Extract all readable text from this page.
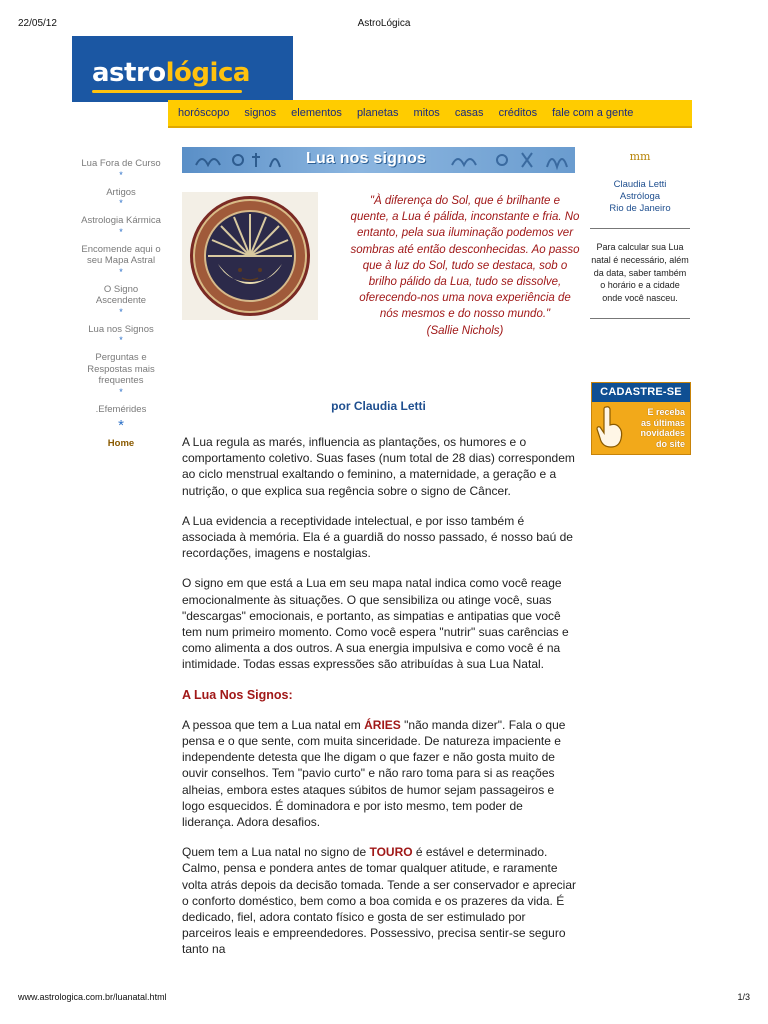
22/05/12	AstroLógica
astrológica
horóscopo signos elementos planetas mitos casas créditos fale com a gente
Lua Fora de Curso
*
Artigos
*
Astrologia Kármica
*
Encomende aqui o seu Mapa Astral
*
O Signo Ascendente
*
Lua nos Signos
*
Perguntas e Respostas mais frequentes
*
.Efemérides
*
Home
Lua nos signos
"À diferença do Sol, que é brilhante e quente, a Lua é pálida, inconstante e fria. No entanto, pela sua iluminação podemos ver sombras até então desconhecidas. Ao passo que à luz do Sol, tudo se destaca, sob o brilho pálido da Lua, tudo se dissolve, oferecendo-nos uma nova experiência de nós mesmos e do nosso mundo."
(Sallie Nichols)
por Claudia Letti

A Lua regula as marés, influencia as plantações, os humores e o comportamento coletivo. Suas fases (num total de 28 dias) correspondem ao ciclo menstrual exaltando o feminino, a maternidade, a geração e a nutrição, o que explica sua regência sobre o signo de Câncer.

A Lua evidencia a receptividade intelectual, e por isso também é associada à memória. Ela é a guardiã do nosso passado, é nosso baú de recordações, imagens e nostalgias.

O signo em que está a Lua em seu mapa natal indica como você reage emocionalmente às situações. O que sensibiliza ou atinge você, suas "descargas" emocionais, e portanto, as simpatias e antipatias que você tem num primeiro momento. Como você espera "nutrir" suas carências e como alimenta a dos outros. A sua energia impulsiva e como você é na intimidade. Todas essas expressões são atribuídas à sua Lua Natal.

A Lua Nos Signos:

A pessoa que tem a Lua natal em ÁRIES "não manda dizer". Fala o que pensa e o que sente, com muita sinceridade. De natureza impaciente e independente detesta que lhe digam o que fazer e não gosta muito de ouvir conselhos. Tem "pavio curto" e não raro toma para si as reações alheias, embora estes ataques súbitos de humor sejam passageiros e logo esquecidos. É dominadora e por isto mesmo, tem poder de liderança. Adora desafios.

Quem tem a Lua natal no signo de TOURO é estável e determinado. Calmo, pensa e pondera antes de tomar qualquer atitude, e raramente volta atrás depois da decisão tomada. Tende a ser conservador e apreciar o conforto doméstico, bem como a boa comida e os prazeres da vida. É dedicado, fiel, adora contato físico e gosta de ser estimulado por parceiros leais e empreendedores. Possessivo, precisa sentir-se seguro tanto na

mm
Claudia Letti
Astróloga
Rio de Janeiro
Para calcular sua Lua natal é necessário, além da data, saber também o horário e a cidade onde você nasceu.
CADASTRE-SE
E receba
as últimas
novidades
do site
www.astrologica.com.br/luanatal.html	1/3
